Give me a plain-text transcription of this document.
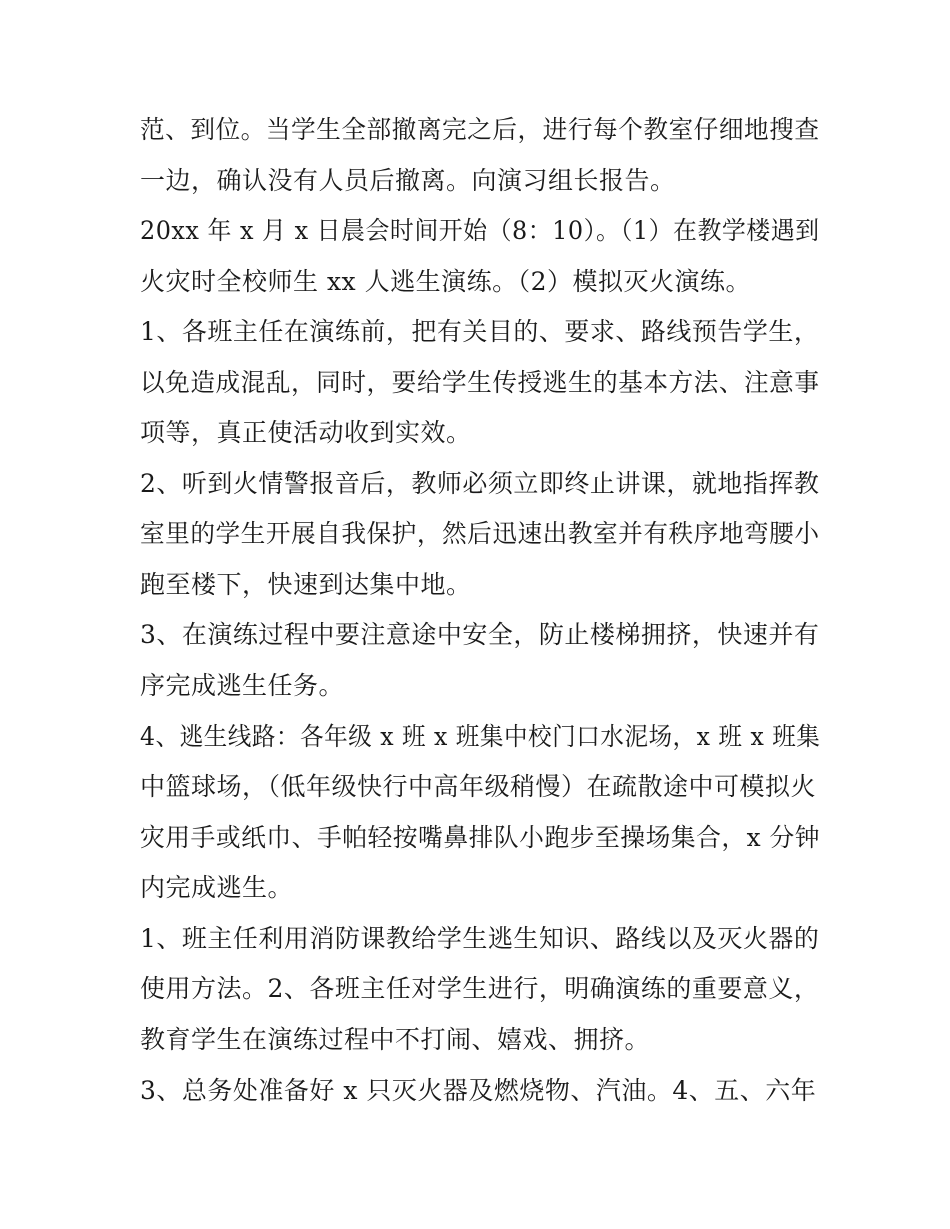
范、到位。当学生全部撤离完之后，进行每个教室仔细地搜查
一边，确认没有人员后撤离。向演习组长报告。
20xx 年 x 月 x 日晨会时间开始（8：10）。（1）在教学楼遇到
火灾时全校师生 xx 人逃生演练。（2）模拟灭火演练。
1、各班主任在演练前，把有关目的、要求、路线预告学生，
以免造成混乱，同时，要给学生传授逃生的基本方法、注意事
项等，真正使活动收到实效。
2、听到火情警报音后，教师必须立即终止讲课，就地指挥教
室里的学生开展自我保护，然后迅速出教室并有秩序地弯腰小
跑至楼下，快速到达集中地。
3、在演练过程中要注意途中安全，防止楼梯拥挤，快速并有
序完成逃生任务。
4、逃生线路：各年级 x 班 x 班集中校门口水泥场，x 班 x 班集
中篮球场，（低年级快行中高年级稍慢）在疏散途中可模拟火
灾用手或纸巾、手帕轻按嘴鼻排队小跑步至操场集合，x 分钟
内完成逃生。
1、班主任利用消防课教给学生逃生知识、路线以及灭火器的
使用方法。2、各班主任对学生进行，明确演练的重要意义，
教育学生在演练过程中不打闹、嬉戏、拥挤。
3、总务处准备好 x 只灭火器及燃烧物、汽油。4、五、六年
